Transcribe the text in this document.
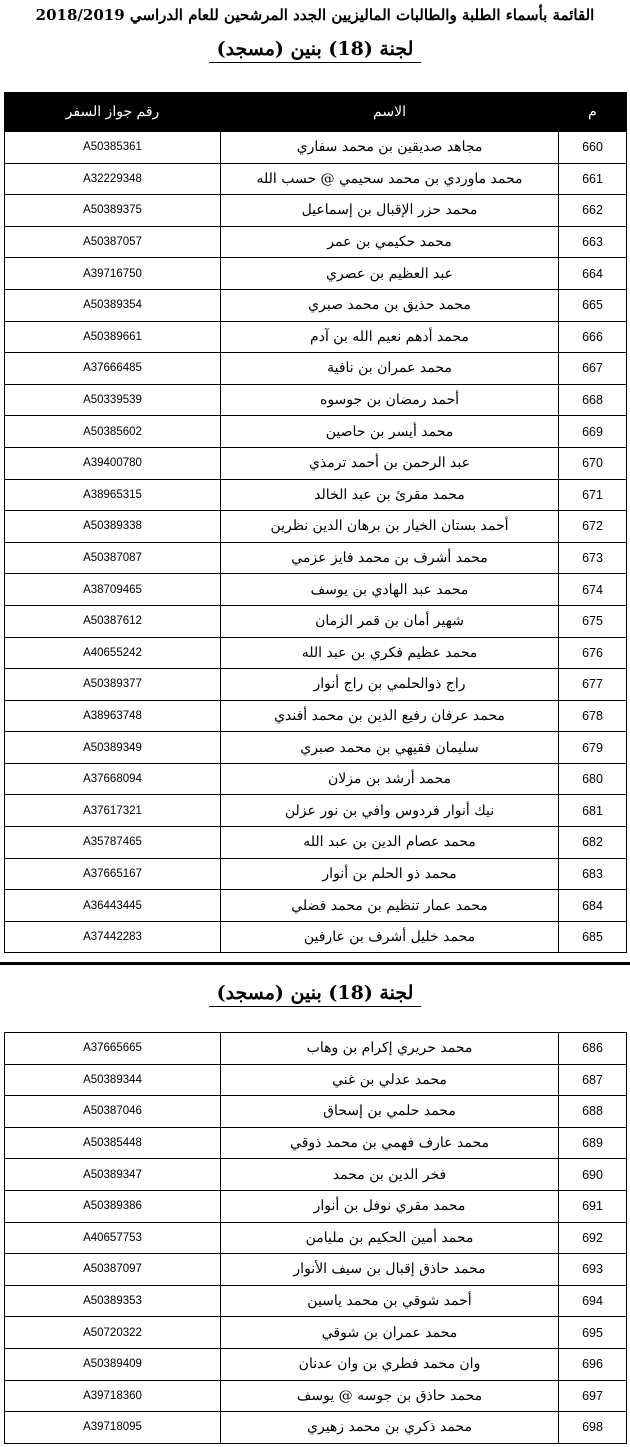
القائمة بأسماء الطلبة والطالبات الماليزيين الجدد المرشحين للعام الدراسي 2018/2019
لجنة (18) بنين (مسجد)
رقم جواز السفر	الاسم	م
A50385361	مجاهد صديقين بن محمد سفاري	660
A32229348	محمد ماوردي بن محمد سحيمي @ حسب الله	661
A50389375	محمد حزر الإقبال بن إسماعيل	662
A50387057	محمد حكيمي بن عمر	663
A39716750	عبد العظيم بن عصري	664
A50389354	محمد حذيق بن محمد صبري	665
A50389661	محمد أدهم نعيم الله بن آدم	666
A37666485	محمد عمران بن نافية	667
A50339539	أحمد رمضان بن جوسوه	668
A50385602	محمد أيسر بن حاصين	669
A39400780	عبد الرحمن بن أحمد ترمذي	670
A38965315	محمد مقرئ بن عبد الخالد	671
A50389338	أحمد بستان الخيار بن برهان الدين نظرين	672
A50387087	محمد أشرف بن محمد فايز عزمي	673
A38709465	محمد عبد الهادي بن يوسف	674
A50387612	شهير أمان بن قمر الزمان	675
A40655242	محمد عظيم فكري بن عبد الله	676
A50389377	راج ذوالحلمي بن راج أنوار	677
A38963748	محمد عرفان رفيع الدين بن محمد أفندي	678
A50389349	سليمان فقيهي بن محمد صبري	679
A37668094	محمد أرشد بن مزلان	680
A37617321	نيك أنوار فردوس وافي بن نور عزلن	681
A35787465	محمد عصام الدين بن عبد الله	682
A37665167	محمد ذو الحلم بن أنوار	683
A36443445	محمد عمار تنظيم بن محمد فضلي	684
A37442283	محمد خليل أشرف بن عارفين	685
لجنة (18) بنين (مسجد)
A37665665	محمد حريري إكرام بن وهاب	686
A50389344	محمد عدلي بن غني	687
A50387046	محمد حلمي بن إسحاق	688
A50385448	محمد عارف فهمي بن محمد ذوقي	689
A50389347	فخر الدين بن محمد	690
A50389386	محمد مقري نوفل بن أنوار	691
A40657753	محمد أمين الحكيم بن مليامن	692
A50387097	محمد حاذق إقبال بن سيف الأنوار	693
A50389353	أحمد شوقي بن محمد ياسين	694
A50720322	محمد عمران بن شوقي	695
A50389409	وان محمد فطري بن وان عدنان	696
A39718360	محمد حاذق بن جوسه @ يوسف	697
A39718095	محمد ذكري بن محمد زهيري	698
